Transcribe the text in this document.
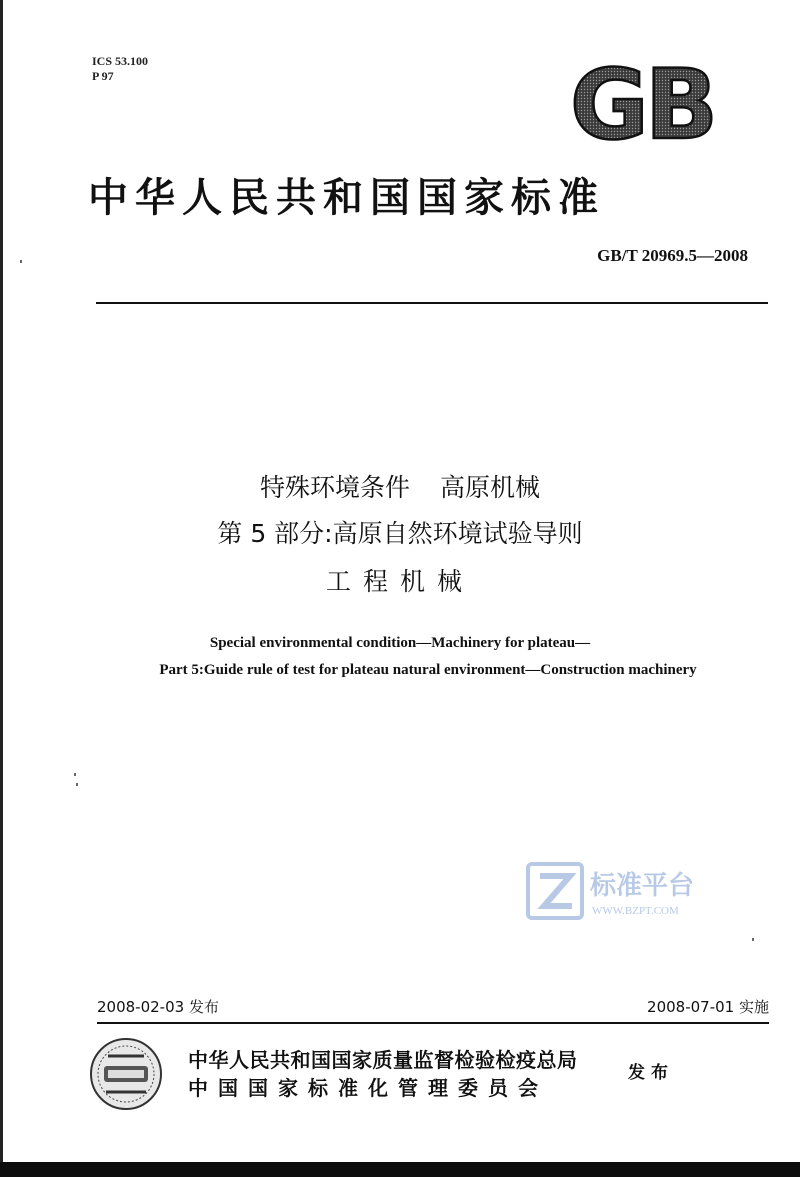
ICS 53.100
P 97	GB
中华人民共和国国家标准
GB/T 20969.5—2008
特殊环境条件 高原机械
第 5 部分:高原自然环境试验导则
工程机械
Special environmental condition—Machinery for plateau—
Part 5:Guide rule of test for plateau natural environment—Construction machinery
标准平台
WWW.BZPT.COM
2008-02-03 发布	2008-07-01 实施
中华人民共和国国家质量监督检验检疫总局
中国国家标准化管理委员会
发布
